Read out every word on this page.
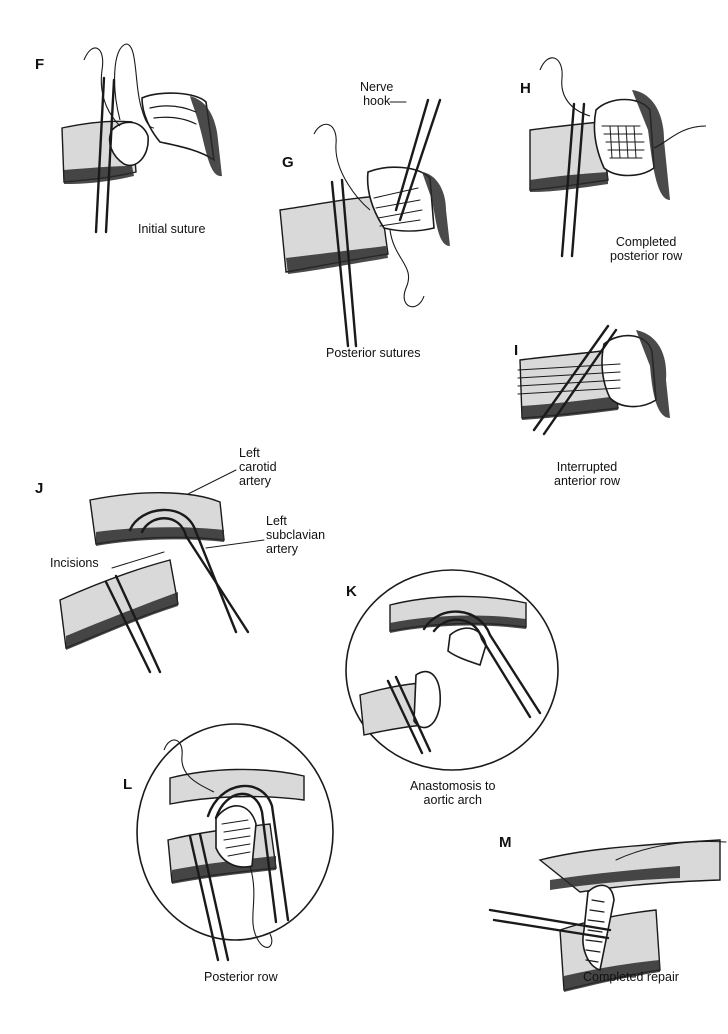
F
Initial suture
G
Nerve
hook
Posterior sutures
H
Completed
posterior row
I
Interrupted
anterior row
J
Left
carotid
artery
Left
subclavian
artery
Incisions
K
Anastomosis to
aortic arch
L
Posterior row
M
Completed repair
